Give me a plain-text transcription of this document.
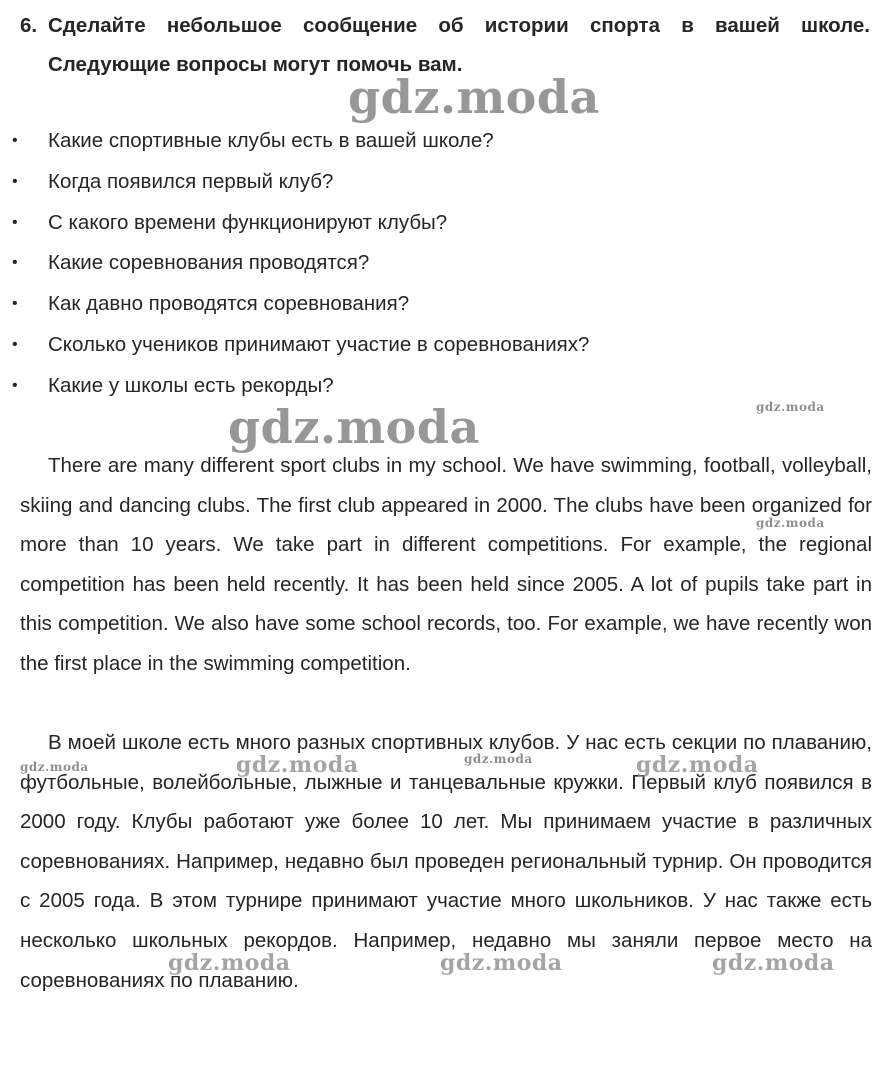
6. Сделайте небольшое сообщение об истории спорта в вашей школе.
Следующие вопросы могут помочь вам.
• Какие спортивные клубы есть в вашей школе?
• Когда появился первый клуб?
• С какого времени функционируют клубы?
• Какие соревнования проводятся?
• Как давно проводятся соревнования?
• Сколько учеников принимают участие в соревнованиях?
• Какие у школы есть рекорды?

There are many different sport clubs in my school. We have swimming, football, volleyball, skiing and dancing clubs. The first club appeared in 2000. The clubs have been organized for more than 10 years. We take part in different competitions. For example, the regional competition has been held recently. It has been held since 2005. A lot of pupils take part in this competition. We also have some school records, too. For example, we have recently won the first place in the swimming competition.

В моей школе есть много разных спортивных клубов. У нас есть секции по плаванию, футбольные, волейбольные, лыжные и танцевальные кружки. Первый клуб появился в 2000 году. Клубы работают уже более 10 лет. Мы принимаем участие в различных соревнованиях. Например, недавно был проведен региональный турнир. Он проводится с 2005 года. В этом турнире принимают участие много школьников. У нас также есть несколько школьных рекордов. Например, недавно мы заняли первое место на соревнованиях по плаванию.

gdz.moda
gdz.moda	gdz.moda
gdz.moda
gdz.moda	gdz.moda	gdz.moda	gdz.moda
gdz.moda	gdz.moda	gdz.moda
